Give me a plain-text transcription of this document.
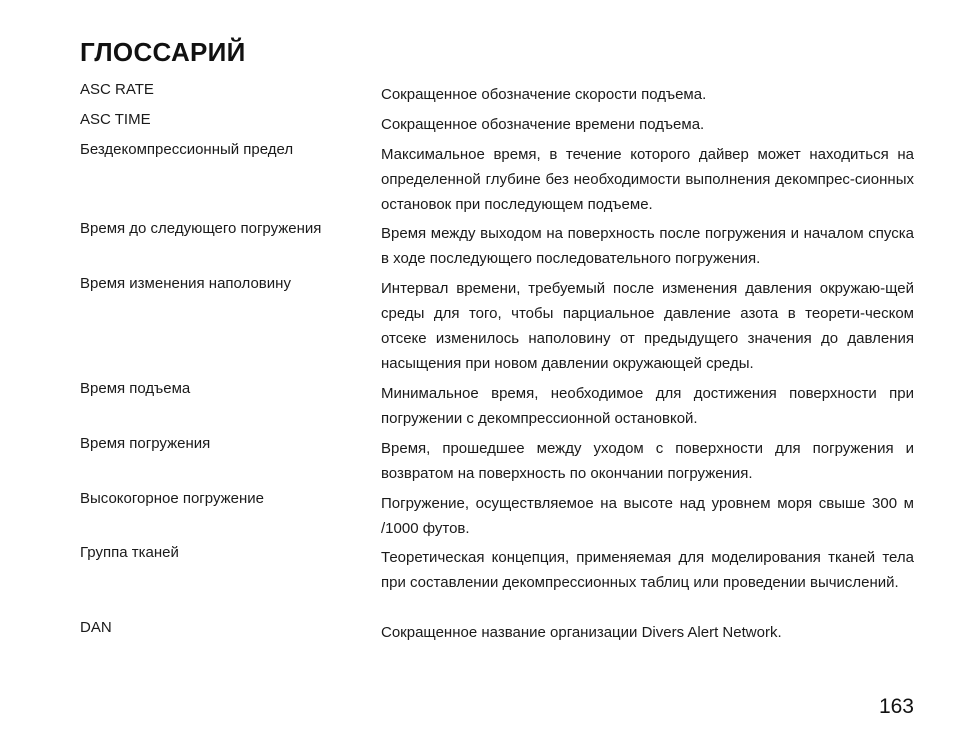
ГЛОССАРИЙ
ASC RATE	Сокращенное обозначение скорости подъема.
ASC TIME	Сокращенное обозначение времени подъема.
Бездекомпрессионный предел	Максимальное время, в течение которого дайвер может находиться на определенной глубине без необходимости выполнения декомпрес-сионных остановок при последующем подъеме.
Время до следующего погружения	Время между выходом на поверхность после погружения и началом спуска в ходе последующего последовательного погружения.
Время изменения наполовину	Интервал времени, требуемый после изменения давления окружаю-щей среды для того, чтобы парциальное давление азота в теорети-ческом отсеке изменилось наполовину от предыдущего значения до давления насыщения при новом давлении окружающей среды.
Время подъема	Минимальное время, необходимое для достижения поверхности при погружении с декомпрессионной остановкой.
Время погружения	Время, прошедшее между уходом с поверхности для погружения и возвратом на поверхность по окончании погружения.
Высокогорное погружение	Погружение, осуществляемое на высоте над уровнем моря свыше 300 м /1000 футов.
Группа тканей	Теоретическая концепция, применяемая для моделирования тканей тела при составлении декомпрессионных таблиц или проведении вычислений.
DAN	Сокращенное название организации Divers Alert Network.
163
